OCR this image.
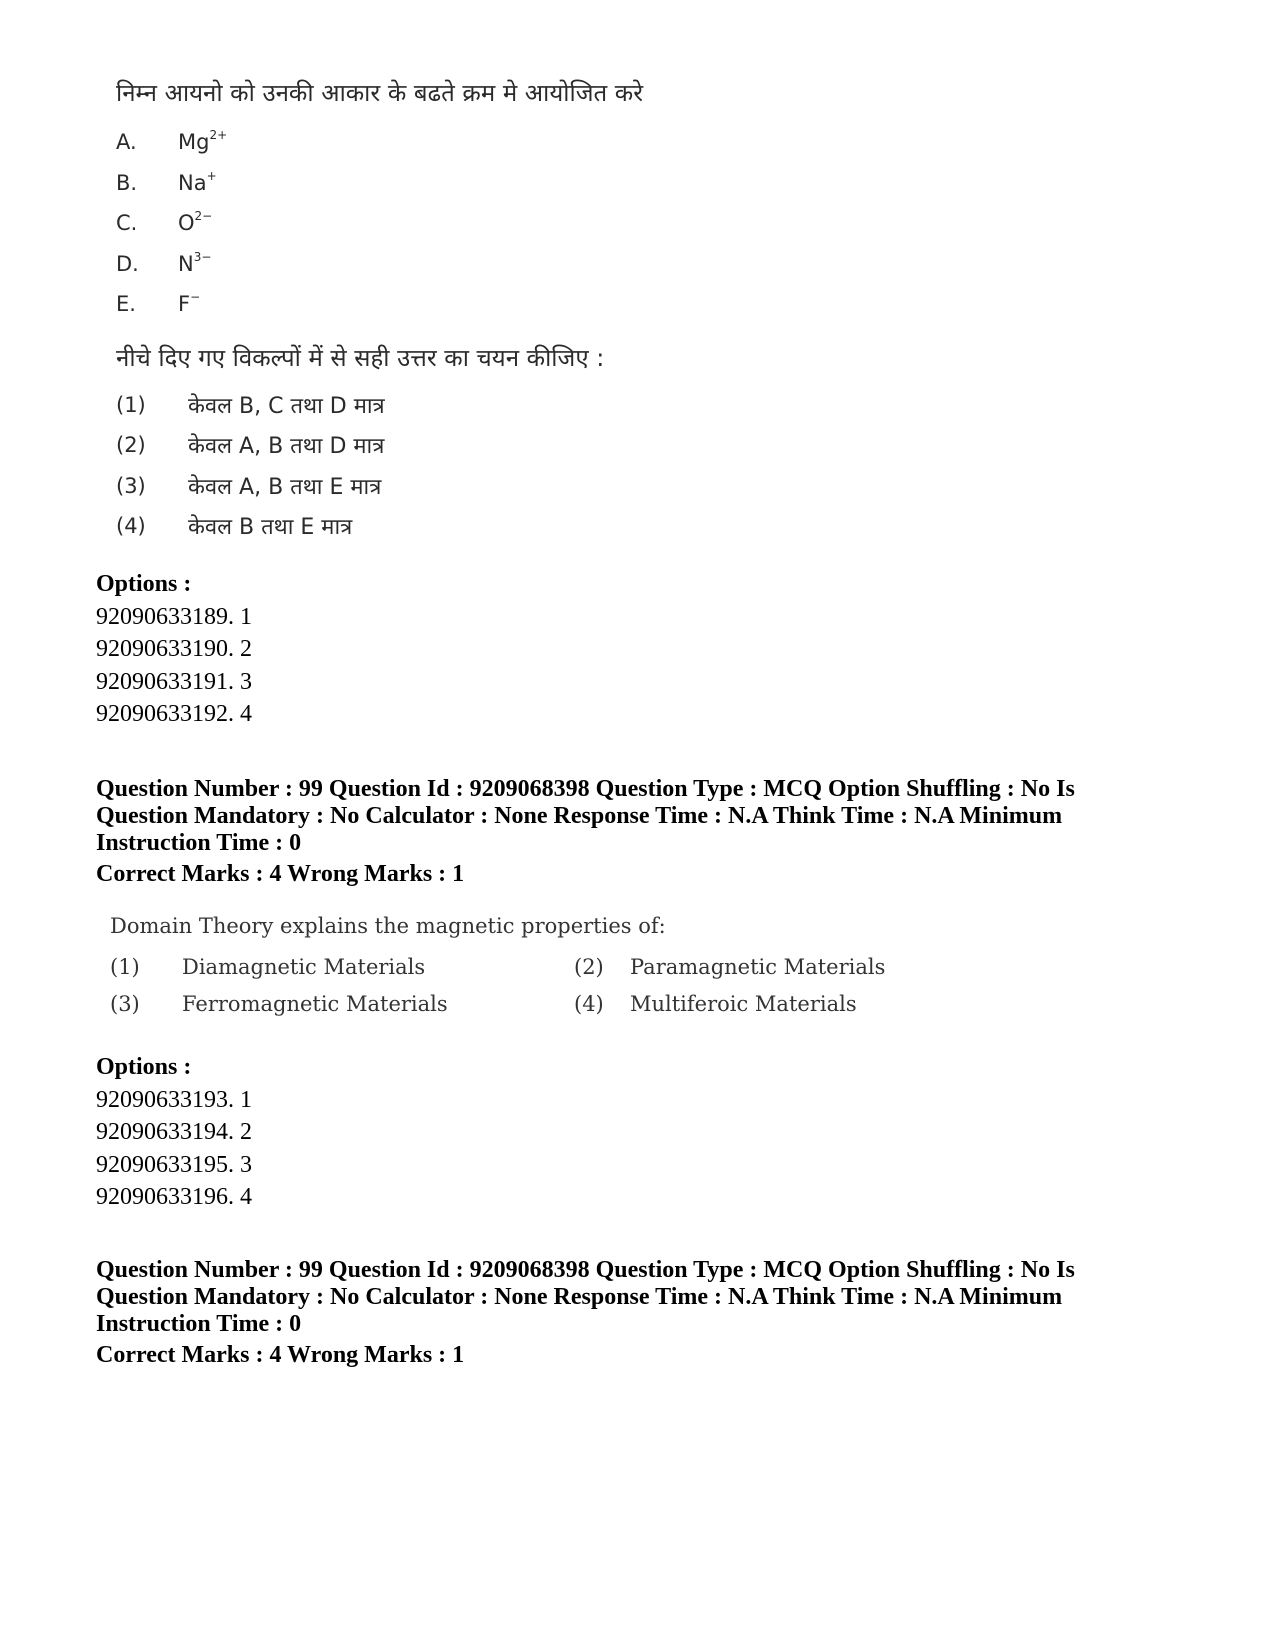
निम्न आयनो को उनकी आकार के बढते क्रम मे आयोजित करे
A.	$Mg^{2+}$
B.	Na+
C.	$O^{2-}$
D.	$N^{3-}$
E.	F−
नीचे दिए गए विकल्पों में से सही उत्तर का चयन कीजिए :
(1)	केवल B, C तथा D मात्र
(2)	केवल A, B तथा D मात्र
(3)	केवल A, B तथा E मात्र
(4)	केवल B तथा E मात्र
Options :
92090633189. 1
92090633190. 2
92090633191. 3
92090633192. 4
Question Number : 99 Question Id : 9209068398 Question Type : MCQ Option Shuffling : No Is
Question Mandatory : No Calculator : None Response Time : N.A Think Time : N.A Minimum
Instruction Time : 0
Correct Marks : 4 Wrong Marks : 1
Domain Theory explains the magnetic properties of:
(1)	Diamagnetic Materials	(2)	Paramagnetic Materials
(3)	Ferromagnetic Materials	(4)	Multiferoic Materials
Options :
92090633193. 1
92090633194. 2
92090633195. 3
92090633196. 4
Question Number : 99 Question Id : 9209068398 Question Type : MCQ Option Shuffling : No Is
Question Mandatory : No Calculator : None Response Time : N.A Think Time : N.A Minimum
Instruction Time : 0
Correct Marks : 4 Wrong Marks : 1
